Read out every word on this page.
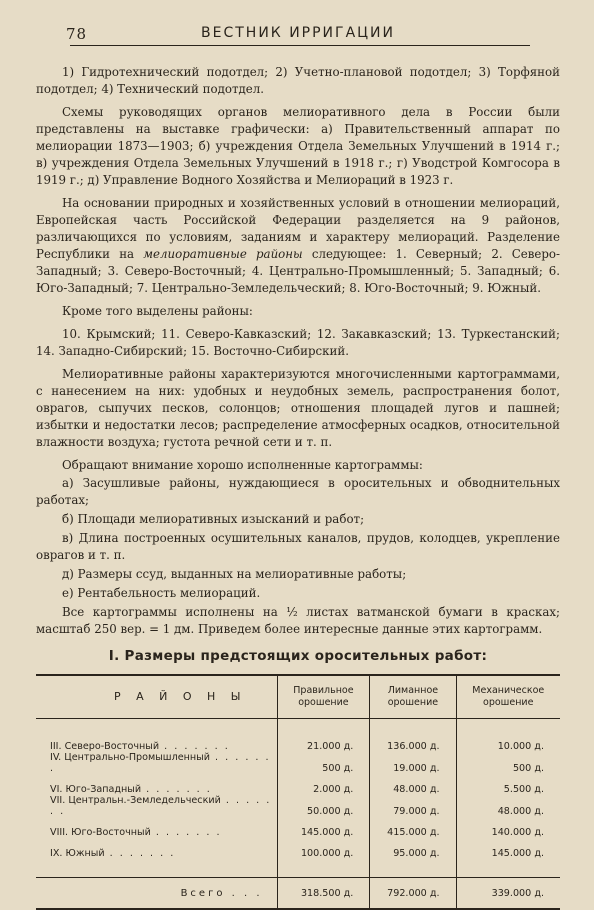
78	ВЕСТНИК ИРРИГАЦИИ

1) Гидротехнический подотдел; 2) Учетно-плановой подотдел; 3) Торфяной подотдел; 4) Технический подотдел.

Схемы руководящих органов мелиоративного дела в России были представлены на выставке графически: а) Правительственный аппарат по мелиорации 1873—1903; б) учреждения Отдела Земельных Улучшений в 1914 г.; в) учреждения Отдела Земельных Улучшений в 1918 г.; г) Уводстрой Комгосора в 1919 г.; д) Управление Водного Хозяйства и Мелиораций в 1923 г.

На основании природных и хозяйственных условий в отношении мелиораций, Европейская часть Российской Федерации разделяется на 9 районов, различающихся по условиям, заданиям и характеру мелиораций. Разделение Республики на мелиоративные районы следующее: 1. Северный; 2. Северо-Западный; 3. Северо-Восточный; 4. Центрально-Промышленный; 5. Западный; 6. Юго-Западный; 7. Центрально-Земледельческий; 8. Юго-Восточный; 9. Южный.

Кроме того выделены районы:

10. Крымский; 11. Северо-Кавказский; 12. Закавказский; 13. Туркестанский; 14. Западно-Сибирский; 15. Восточно-Сибирский.

Мелиоративные районы характеризуются многочисленными картограммами, с нанесением на них: удобных и неудобных земель, распространения болот, оврагов, сыпучих песков, солонцов; отношения площадей лугов и пашней; избытки и недостатки лесов; распределение атмосферных осадков, относительной влажности воздуха; густота речной сети и т. п.

Обращают внимание хорошо исполненные картограммы:

а) Засушливые районы, нуждающиеся в оросительных и обводнительных работах;

б) Площади мелиоративных изысканий и работ;

в) Длина построенных осушительных каналов, прудов, колодцев, укрепление оврагов и т. п.

д) Размеры ссуд, выданных на мелиоративные работы;

е) Рентабельность мелиораций.

Все картограммы исполнены на ½ листах ватманской бумаги в красках; масштаб 250 вер. = 1 дм. Приведем более интересные данные этих картограмм.

I. Размеры предстоящих оросительных работ:
Р А Й О Н Ы	Правильное орошение	Лиманное орошение	Механическое орошение

III. Северо-Восточный . . . . . . .	21.000 д.	136.000 д.	10.000 д.
IV. Центрально-Промышленный . . . . . . .	500 д.	19.000 д.	500 д.
VI. Юго-Западный . . . . . . .	2.000 д.	48.000 д.	5.500 д.
VII. Центральн.-Земледельческий . . . . . . .	50.000 д.	79.000 д.	48.000 д.
VIII. Юго-Восточный . . . . . . .	145.000 д.	415.000 д.	140.000 д.
IX. Южный . . . . . . .	100.000 д.	95.000 д.	145.000 д.

Всего . . .	318.500 д.	792.000 д.	339.000 д.
